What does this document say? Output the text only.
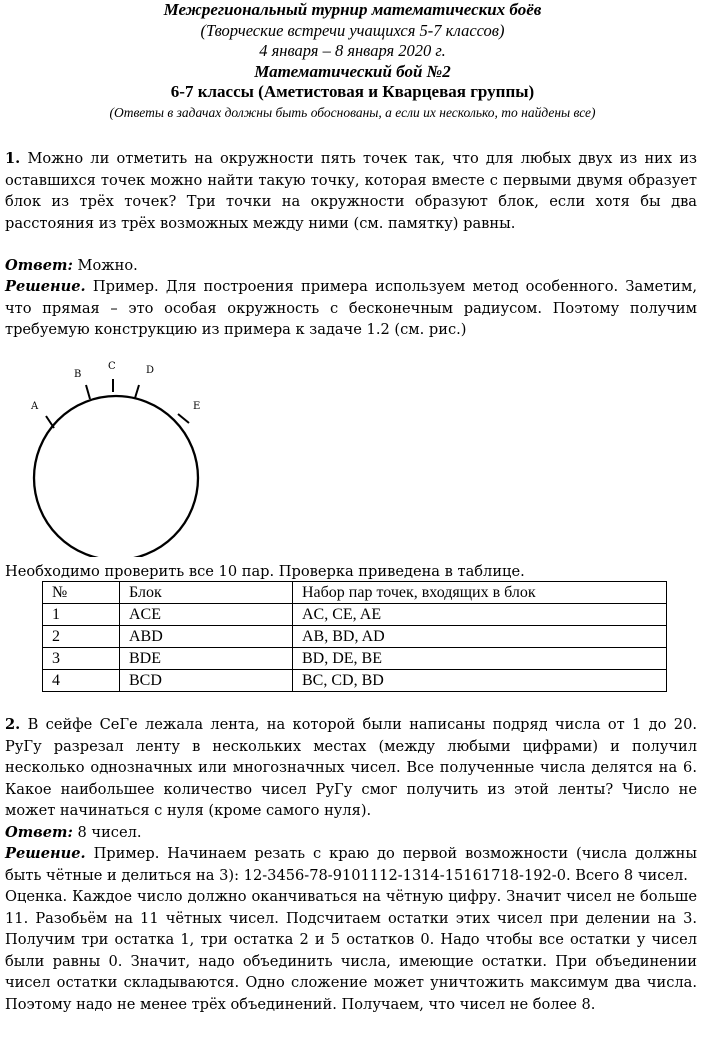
Межрегиональный турнир математических боёв
(Творческие встречи учащихся 5-7 классов)
4 января – 8 января 2020 г.
Математический бой №2
6-7 классы (Аметистовая и Кварцевая группы)
(Ответы в задачах должны быть обоснованы, а если их несколько, то найдены все)

1. Можно ли отметить на окружности пять точек так, что для любых двух из них из оставшихся точек можно найти такую точку, которая вместе с первыми двумя образует блок из трёх точек? Три точки на окружности образуют блок, если хотя бы два расстояния из трёх возможных между ними (см. памятку) равны.

Ответ: Можно.

Решение. Пример. Для построения примера используем метод особенного. Заметим, что прямая – это особая окружность с бесконечным радиусом. Поэтому получим требуемую конструкцию из примера к задаче 1.2 (см. рис.)

A
B
C	D
E

Необходимо проверить все 10 пар. Проверка приведена в таблице.

№	Блок	Набор пар точек, входящих в блок
1	ACE	AC, CE, AE
2	ABD	AB, BD, AD
3	BDE	BD, DE, BE
4	BCD	BC, CD, BD
2. В сейфе СеГе лежала лента, на которой были написаны подряд числа от 1 до 20. РуГу разрезал ленту в нескольких местах (между любыми цифрами) и получил несколько однозначных или многозначных чисел. Все полученные числа делятся на 6. Какое наибольшее количество чисел РуГу смог получить из этой ленты? Число не может начинаться с нуля (кроме самого нуля).
Ответ: 8 чисел.
Решение. Пример. Начинаем резать с краю до первой возможности (числа должны быть чётные и делиться на 3): 12-3456-78-9101112-1314-15161718-192-0. Всего 8 чисел.
Оценка. Каждое число должно оканчиваться на чётную цифру. Значит чисел не больше 11. Разобьём на 11 чётных чисел. Подсчитаем остатки этих чисел при делении на 3. Получим три остатка 1, три остатка 2 и 5 остатков 0. Надо чтобы все остатки у чисел были равны 0. Значит, надо объединить числа, имеющие остатки. При объединении чисел остатки складываются. Одно сложение может уничтожить максимум два числа. Поэтому надо не менее трёх объединений. Получаем, что чисел не более 8.
